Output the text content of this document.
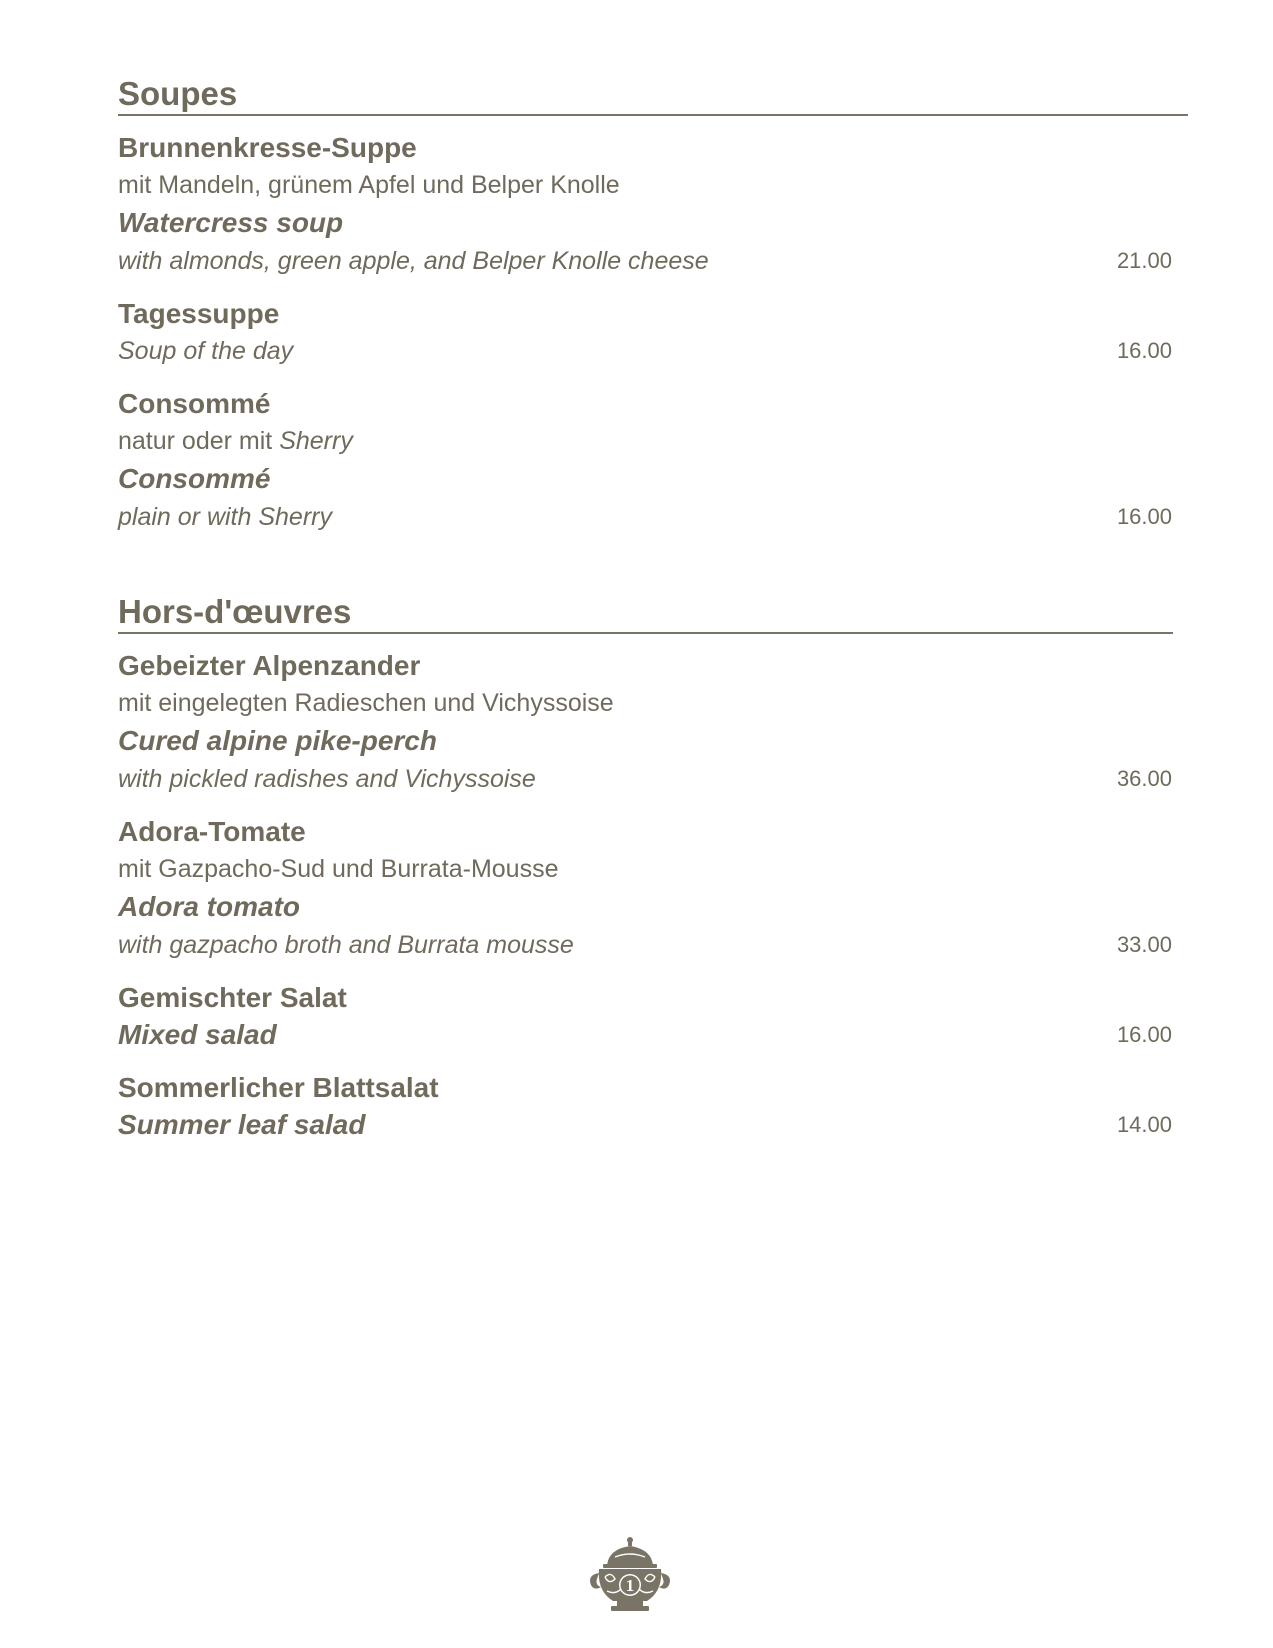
Soupes
Brunnenkresse-Suppe
mit Mandeln, grünem Apfel und Belper Knolle
Watercress soup
with almonds, green apple, and Belper Knolle cheese	21.00
Tagessuppe
Soup of the day	16.00
Consommé
natur oder mit Sherry
Consommé
plain or with Sherry	16.00
Hors-d'œuvres
Gebeizter Alpenzander
mit eingelegten Radieschen und Vichyssoise
Cured alpine pike-perch
with pickled radishes and Vichyssoise	36.00
Adora-Tomate
mit Gazpacho-Sud und Burrata-Mousse
Adora tomato
with gazpacho broth and Burrata mousse	33.00
Gemischter Salat
Mixed salad	16.00
Sommerlicher Blattsalat
Summer leaf salad	14.00
1
